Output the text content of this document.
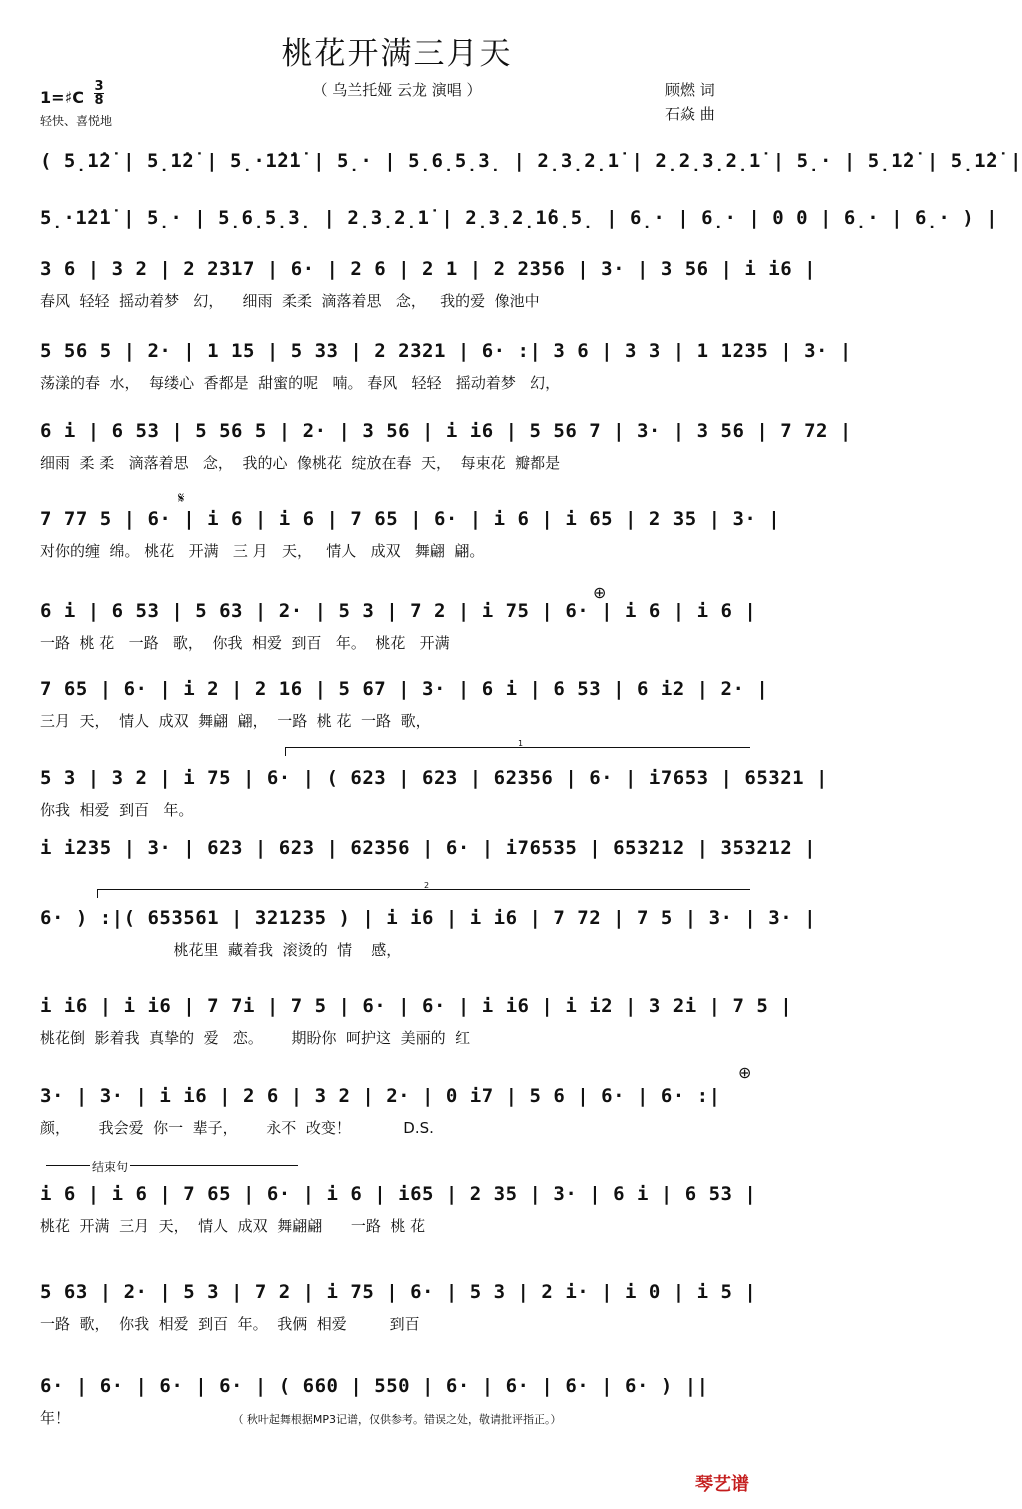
桃花开满三月天
（ 乌兰托娅 云龙 演唱 ）	顾燃 词
石焱 曲
1=♯C
3
8
轻快、喜悦地
( 5̣1̇2̇ | 5̣1̇2̇ | 5̣·1̇2̇1̇ | 5̣· | 5̣6̣5̣3̣ | 2̣3̣2̣1̇ | 2̣2̣3̣2̣1̇ | 5̣· | 5̣1̇2̇ | 5̣1̇2̇ |
5̣·1̇2̇1̇ | 5̣· | 5̣6̣5̣3̣ | 2̣3̣2̣1̇ | 2̣3̣2̣1̇6̣5̣ | 6̣· | 6̣· | 0 0 | 6̣· | 6̣· ) |
3 6 | 3 2 | 2 2317 | 6· | 2 6 | 2 1 | 2 2356 | 3· | 3 56 | i i6 |
春风  轻轻  摇动着梦   幻，    细雨  柔柔  滴落着思   念，   我的爱  像池中
5 56 5 | 2· | 1 15 | 5 33 | 2 2321 | 6· :| 3 6 | 3 3 | 1 1235 | 3· |
荡漾的春  水，  每缕心  香都是  甜蜜的呢   喃。 春风   轻轻   摇动着梦   幻，
6 i | 6 53 | 5 56 5 | 2· | 3 56 | i i6 | 5 56 7 | 3· | 3 56 | 7 72 |
细雨  柔 柔   滴落着思   念，  我的心  像桃花  绽放在春  天，  每束花  瓣都是
7 77 5 | 6· | i 6 | i 6 | 7 65 | 6· | i 6 | i 65 | 2 35 | 3· |
对你的缠  绵。 桃花   开满   三 月   天，   情人   成双   舞翩  翩。
6 i | 6 53 | 5 63 | 2· | 5 3 | 7 2 | i 75 | 6· | i 6 | i 6 |
一路  桃 花   一路   歌，  你我  相爱  到百   年。  桃花   开满
7 65 | 6· | i 2 | 2 16 | 5 67 | 3· | 6 i | 6 53 | 6 i2 | 2· |
三月  天，  情人  成双  舞翩  翩，  一路  桃 花  一路  歌，
5 3 | 3 2 | i 75 | 6· | ( 623 | 623 | 62356 | 6· | i7653 | 65321 |
你我  相爱  到百   年。
i i235 | 3· | 623 | 623 | 62356 | 6· | i76535 | 653212 | 353212 |
6· ) :|( 653561 | 321235 ) | i i6 | i i6 | 7 72 | 7 5 | 3· | 3· |
桃花里  藏着我  滚烫的  情    感，
i i6 | i i6 | 7 7i | 7 5 | 6· | 6· | i i6 | i i2 | 3 2i | 7 5 |
桃花倒  影着我  真挚的  爱   恋。      期盼你  呵护这  美丽的  红
3· | 3· | i i6 | 2 6 | 3 2 | 2· | 0 i7 | 5 6 | 6· | 6· :|
颜，      我会爱  你一  辈子，      永不  改变！           D.S.
i 6 | i 6 | 7 65 | 6· | i 6 | i65 | 2 35 | 3· | 6 i | 6 53 |
桃花  开满  三月  天，  情人  成双  舞翩翩      一路  桃 花
5 63 | 2· | 5 3 | 7 2 | i 75 | 6· | 5 3 | 2 i· | i 0 | i 5 |
一路  歌，  你我  相爱  到百  年。  我俩  相爱         到百
6· | 6· | 6· | 6· | ( 660 | 550 | 6· | 6· | 6· | 6· ) ||
年！
1
2
𝄋
⊕
⊕
结束句
（ 秋叶起舞根据MP3记谱，仅供参考。错误之处，敬请批评指正。）
琴艺谱
